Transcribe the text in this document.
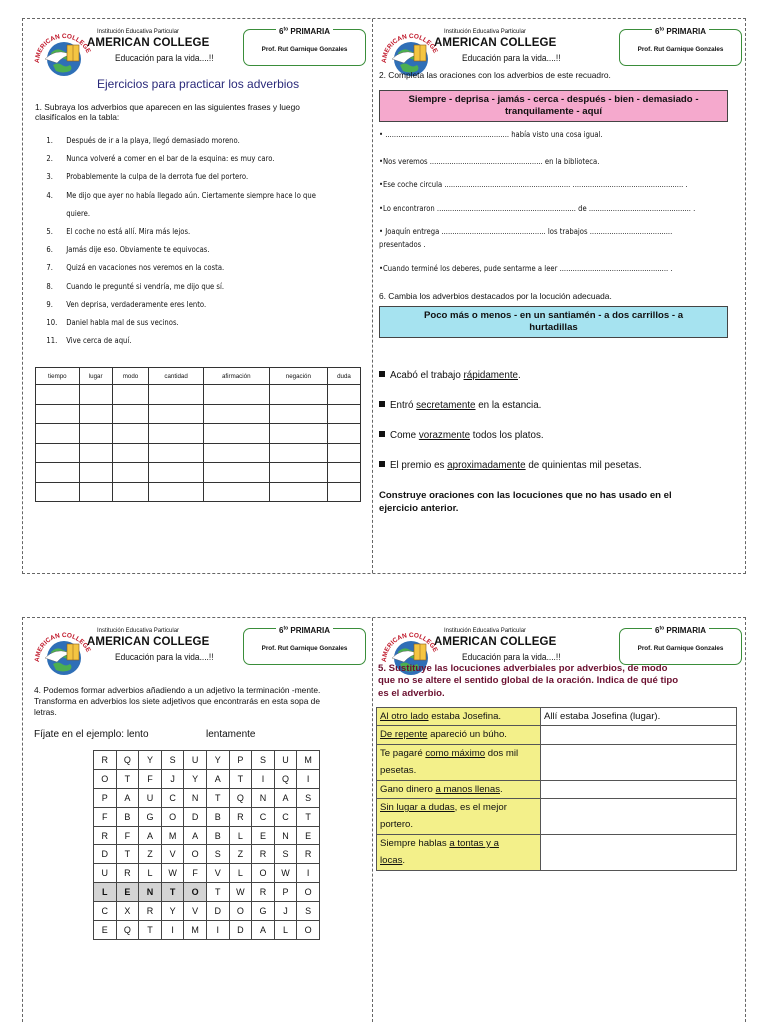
AMERICAN COLLEGE
Institución Educativa Particular
AMERICAN COLLEGE
Educación para la vida....!!
$6^{to}$ PRIMARIA
Prof. Rut Garnique Gonzales
Ejercicios para practicar los adverbios
1. Subraya los adverbios que aparecen en las siguientes frases y luego
clasifícalos en la tabla:
1. Después de ir a la playa, llegó demasiado moreno.
2. Nunca volveré a comer en el bar de la esquina: es muy caro.
3. Probablemente la culpa de la derrota fue del portero.
4. Me dijo que ayer no había llegado aún. Ciertamente siempre hace lo que
quiere.
5. El coche no está allí. Mira más lejos.
6. Jamás dije eso. Obviamente te equivocas.
7. Quizá en vacaciones nos veremos en la costa.
8. Cuando le pregunté si vendría, me dijo que sí.
9. Ven deprisa, verdaderamente eres lento.
10. Daniel habla mal de sus vecinos.
11. Vive cerca de aquí.
tiempo	lugar	modo	cantidad	afirmación	negación	duda

AMERICAN COLLEGE
Institución Educativa Particular
AMERICAN COLLEGE
Educación para la vida....!!
$6^{to}$ PRIMARIA
Prof. Rut Garnique Gonzales
2. Completa las oraciones con los adverbios de este recuadro.
Siempre - deprisa - jamás - cerca - después - bien - demasiado -
tranquilamente - aquí
• ......................................................... había visto una cosa igual.
•Nos veremos .................................................... en la biblioteca.
•Ese coche circula .......................................................... ................................................... .
•Lo encontraron ................................................................ de ............................................... .
• Joaquín entrega ................................................ los trabajos ......................................
presentados .
•Cuando terminé los deberes, pude sentarme a leer .................................................. .
6. Cambia los adverbios destacados por la locución adecuada.
Poco más o menos - en un santiamén - a dos carrillos - a
hurtadillas
Acabó el trabajo rápidamente.
Entró secretamente en la estancia.
Come vorazmente todos los platos.
El premio es aproximadamente de quinientas mil pesetas.
Construye oraciones con las locuciones que no has usado en el
ejercicio anterior.
AMERICAN COLLEGE
Institución Educativa Particular
AMERICAN COLLEGE
Educación para la vida....!!
$6^{to}$ PRIMARIA
Prof. Rut Garnique Gonzales
4. Podemos formar adverbios añadiendo a un adjetivo la terminación -mente.
Transforma en adverbios los siete adjetivos que encontrarás en esta sopa de
letras.
Fíjate en el ejemplo: lento	lentamente
R	Q	Y	S	U	Y	P	S	U	M
O	T	F	J	Y	A	T	I	Q	I
P	A	U	C	N	T	Q	N	A	S
F	B	G	O	D	B	R	C	C	T
R	F	A	M	A	B	L	E	N	E
D	T	Z	V	O	S	Z	R	S	R
U	R	L	W	F	V	L	O	W	I
L	E	N	T	O	T	W	R	P	O
C	X	R	Y	V	D	O	G	J	S
E	Q	T	I	M	I	D	A	L	O
AMERICAN COLLEGE
Institución Educativa Particular
AMERICAN COLLEGE
Educación para la vida....!!
$6^{to}$ PRIMARIA
Prof. Rut Garnique Gonzales
5. Sustituye las locuciones adverbiales por adverbios, de modo
que no se altere el sentido global de la oración. Indica de qué tipo
es el adverbio.
Al otro lado estaba Josefina.	Allí estaba Josefina (lugar).

De repente apareció un búho.	

Te pagaré como máximo dos mil
pesetas.	

Gano dinero a manos llenas.	

Sin lugar a dudas, es el mejor
portero.	

Siempre hablas a tontas y a
locas.	
